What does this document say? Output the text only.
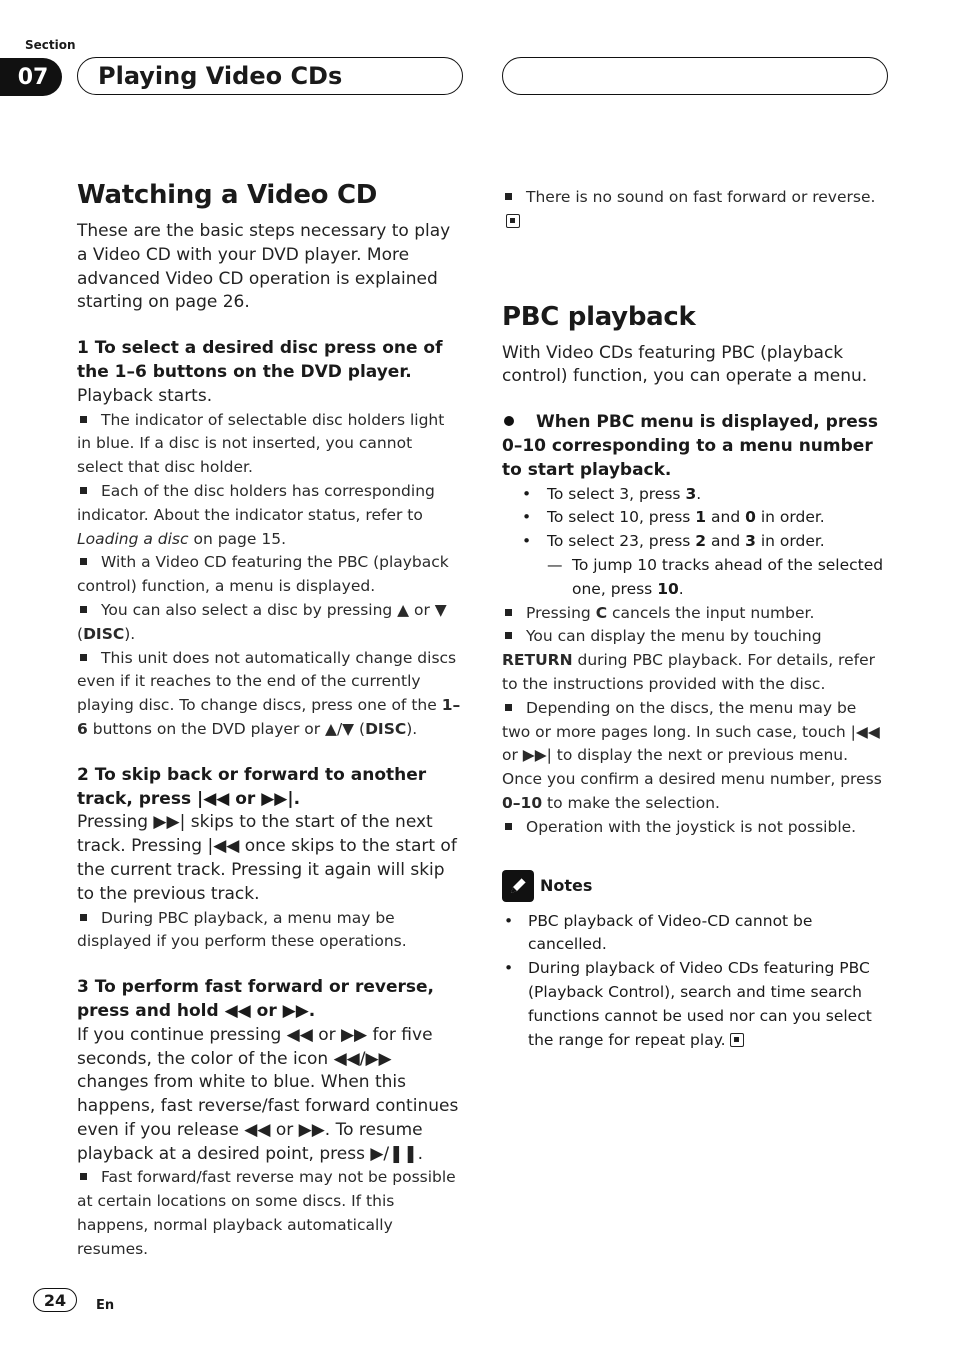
Section
07	Playing Video CDs
Watching a Video CD

These are the basic steps necessary to play a Video CD with your DVD player. More advanced Video CD operation is explained starting on page 26.

1 To select a desired disc press one of the 1–6 buttons on the DVD player.

Playback starts.

The indicator of selectable disc holders light in blue. If a disc is not inserted, you cannot select that disc holder.

Each of the disc holders has corresponding indicator. About the indicator status, refer to Loading a disc on page 15.

With a Video CD featuring the PBC (playback control) function, a menu is displayed.

You can also select a disc by pressing ▲ or ▼ (DISC).

This unit does not automatically change discs even if it reaches to the end of the currently playing disc. To change discs, press one of the 1–6 buttons on the DVD player or ▲/▼ (DISC).

2 To skip back or forward to another track, press |◀◀ or ▶▶|.

Pressing ▶▶| skips to the start of the next track. Pressing |◀◀ once skips to the start of the current track. Pressing it again will skip to the previous track.

During PBC playback, a menu may be displayed if you perform these operations.

3 To perform fast forward or reverse, press and hold ◀◀ or ▶▶.

If you continue pressing ◀◀ or ▶▶ for five seconds, the color of the icon ◀◀/▶▶ changes from white to blue. When this happens, fast reverse/fast forward continues even if you release ◀◀ or ▶▶. To resume playback at a desired point, press ▶/❚❚.

Fast forward/fast reverse may not be possible at certain locations on some discs. If this happens, normal playback automatically resumes.

There is no sound on fast forward or reverse.

PBC playback

With Video CDs featuring PBC (playback control) function, you can operate a menu.

When PBC menu is displayed, press 0–10 corresponding to a menu number to start playback.
• To select 3, press 3.
• To select 10, press 1 and 0 in order.
• To select 23, press 2 and 3 in order.
— To jump 10 tracks ahead of the selected one, press 10.

Pressing C cancels the input number.

You can display the menu by touching
RETURN during PBC playback. For details, refer to the instructions provided with the disc.

Depending on the discs, the menu may be two or more pages long. In such case, touch |◀◀ or ▶▶| to display the next or previous menu. Once you confirm a desired menu number, press 0–10 to make the selection.

Operation with the joystick is not possible.

Notes
• PBC playback of Video-CD cannot be cancelled.
• During playback of Video CDs featuring PBC (Playback Control), search and time search functions cannot be used nor can you select the range for repeat play.
24	En
